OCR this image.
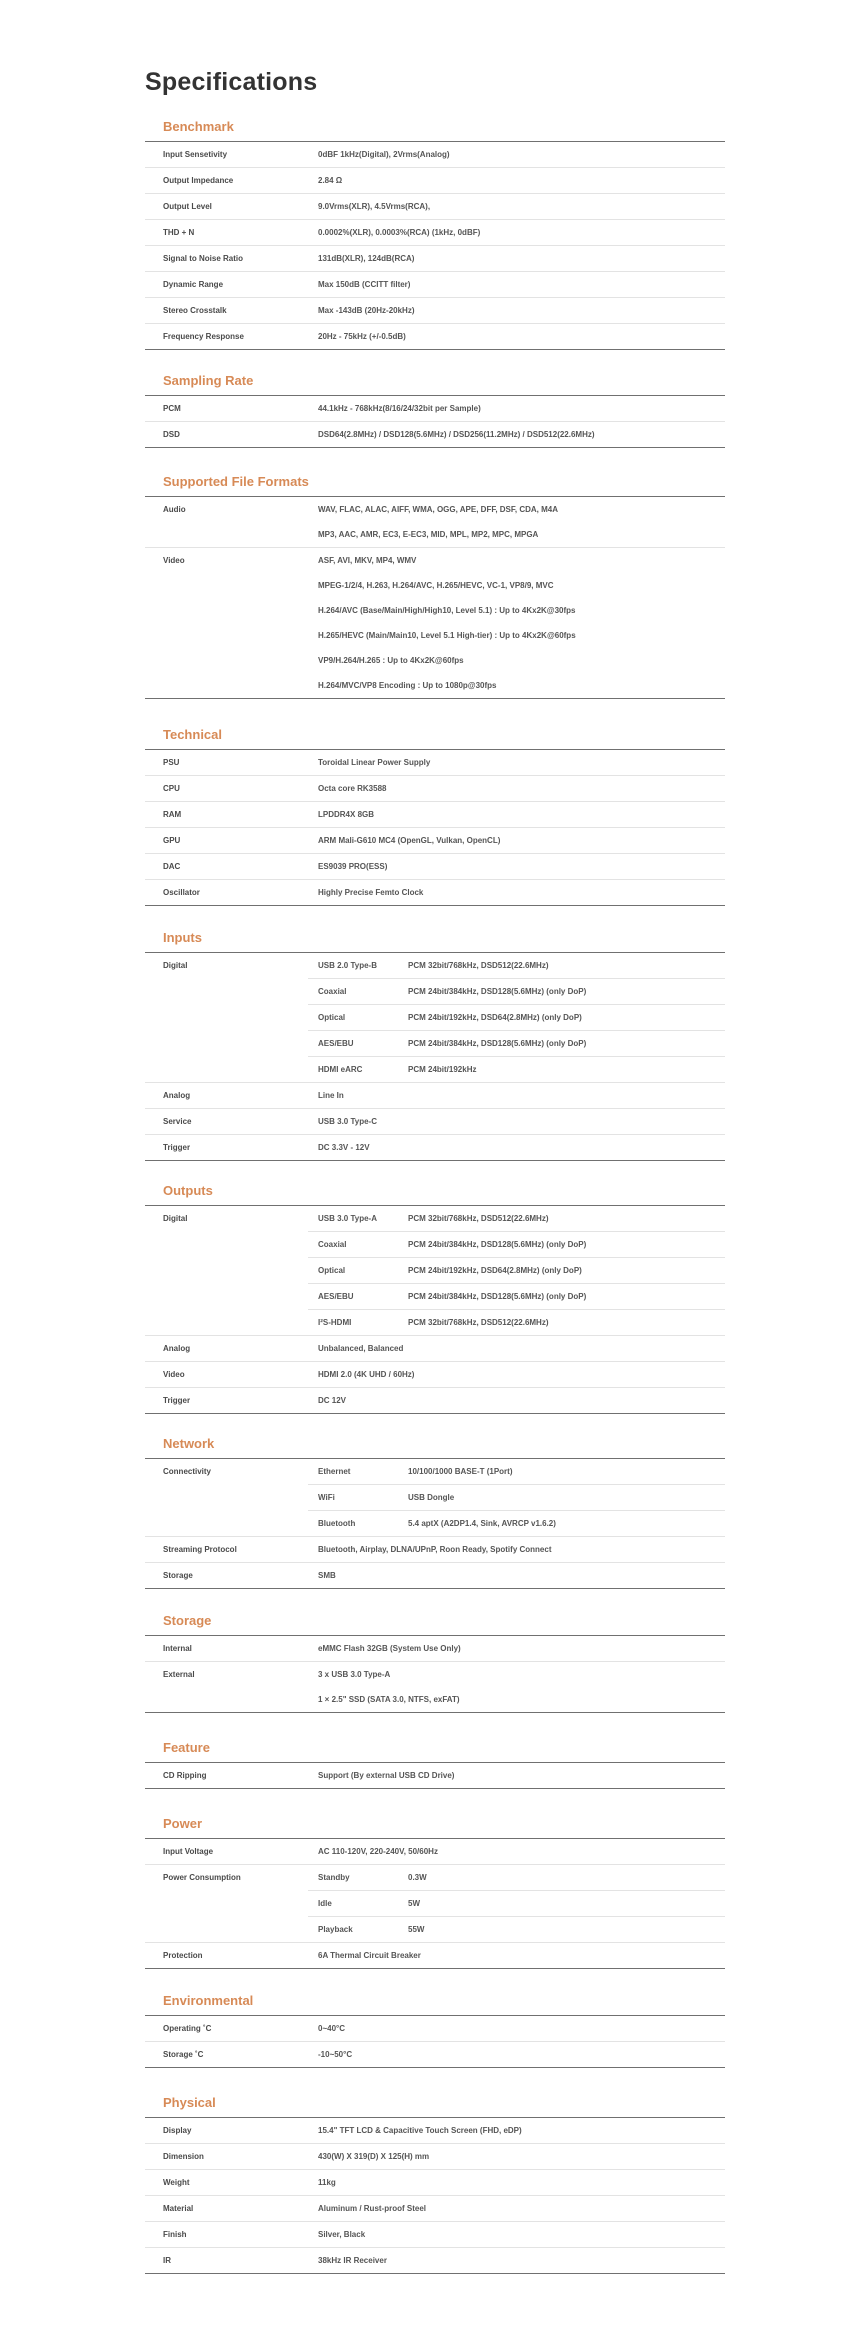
Specifications
Benchmark
Input Sensetivity	0dBF 1kHz(Digital), 2Vrms(Analog)
Output Impedance	2.84 Ω
Output Level	9.0Vrms(XLR), 4.5Vrms(RCA),
THD + N	0.0002%(XLR), 0.0003%(RCA) (1kHz, 0dBF)
Signal to Noise Ratio	131dB(XLR), 124dB(RCA)
Dynamic Range	Max 150dB (CCITT filter)
Stereo Crosstalk	Max -143dB (20Hz-20kHz)
Frequency Response	20Hz - 75kHz (+/-0.5dB)
Sampling Rate
PCM	44.1kHz - 768kHz(8/16/24/32bit per Sample)
DSD	DSD64(2.8MHz) / DSD128(5.6MHz) / DSD256(11.2MHz) / DSD512(22.6MHz)
Supported File Formats
Audio	WAV, FLAC, ALAC, AIFF, WMA, OGG, APE, DFF, DSF, CDA, M4A
MP3, AAC, AMR, EC3, E-EC3, MID, MPL, MP2, MPC, MPGA
Video	ASF, AVI, MKV, MP4, WMV
MPEG-1/2/4, H.263, H.264/AVC, H.265/HEVC, VC-1, VP8/9, MVC
H.264/AVC (Base/Main/High/High10, Level 5.1) : Up to 4Kx2K@30fps
H.265/HEVC (Main/Main10, Level 5.1 High-tier) : Up to 4Kx2K@60fps
VP9/H.264/H.265 : Up to 4Kx2K@60fps
H.264/MVC/VP8 Encoding : Up to 1080p@30fps
Technical
PSU	Toroidal Linear Power Supply
CPU	Octa core RK3588
RAM	LPDDR4X 8GB
GPU	ARM Mali-G610 MC4 (OpenGL, Vulkan, OpenCL)
DAC	ES9039 PRO(ESS)
Oscillator	Highly Precise Femto Clock
Inputs
Digital	USB 2.0 Type-B	PCM 32bit/768kHz, DSD512(22.6MHz)
Coaxial	PCM 24bit/384kHz, DSD128(5.6MHz) (only DoP)
Optical	PCM 24bit/192kHz, DSD64(2.8MHz) (only DoP)
AES/EBU	PCM 24bit/384kHz, DSD128(5.6MHz) (only DoP)
HDMI eARC	PCM 24bit/192kHz
Analog	Line In
Service	USB 3.0 Type-C
Trigger	DC 3.3V - 12V
Outputs
Digital	USB 3.0 Type-A	PCM 32bit/768kHz, DSD512(22.6MHz)
Coaxial	PCM 24bit/384kHz, DSD128(5.6MHz) (only DoP)
Optical	PCM 24bit/192kHz, DSD64(2.8MHz) (only DoP)
AES/EBU	PCM 24bit/384kHz, DSD128(5.6MHz) (only DoP)
I²S-HDMI	PCM 32bit/768kHz, DSD512(22.6MHz)
Analog	Unbalanced, Balanced
Video	HDMI 2.0 (4K UHD / 60Hz)
Trigger	DC 12V
Network
Connectivity	Ethernet	10/100/1000 BASE-T (1Port)
WiFi	USB Dongle
Bluetooth	5.4 aptX (A2DP1.4, Sink, AVRCP v1.6.2)
Streaming Protocol	Bluetooth, Airplay, DLNA/UPnP, Roon Ready, Spotify Connect
Storage	SMB
Storage
Internal	eMMC Flash 32GB (System Use Only)
External	3 x USB 3.0 Type-A
1 × 2.5" SSD (SATA 3.0, NTFS, exFAT)
Feature
CD Ripping	Support (By external USB CD Drive)
Power
Input Voltage	AC 110-120V, 220-240V, 50/60Hz
Power Consumption	Standby	0.3W
Idle	5W
Playback	55W
Protection	6A Thermal Circuit Breaker
Environmental
Operating ˚C	0~40°C
Storage ˚C	-10~50°C
Physical
Display	15.4" TFT LCD & Capacitive Touch Screen (FHD, eDP)
Dimension	430(W) X 319(D) X 125(H) mm
Weight	11kg
Material	Aluminum / Rust-proof Steel
Finish	Silver, Black
IR	38kHz IR Receiver
